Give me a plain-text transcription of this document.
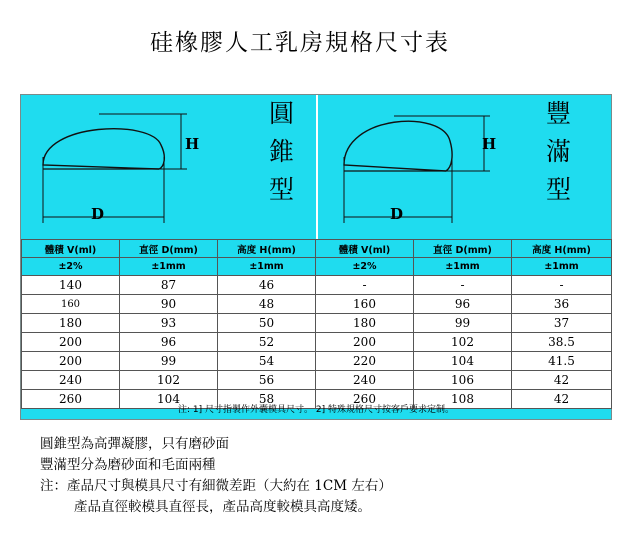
硅橡膠人工乳房規格尺寸表
H
D
圓
錐
型
H
D
豐
滿
型
體積 V(ml)	直徑 D(mm)	高度 H(mm)	體積 V(ml)	直徑 D(mm)	高度 H(mm)
±2%	±1mm	±1mm	±2%	±1mm	±1mm
140	87	46	-	-	-
160	90	48	160	96	36
180	93	50	180	99	37
200	96	52	200	102	38.5
200	99	54	220	104	41.5
240	102	56	240	106	42
260	104	58	260	108	42
注: 1] 尺寸指製作外囊模具尺寸。 2] 特殊規格尺寸按客戶要求定制。
圓錐型為高彈凝膠，只有磨砂面
豐滿型分為磨砂面和毛面兩種
注：產品尺寸與模具尺寸有細微差距（大約在 1CM 左右）
產品直徑較模具直徑長，產品高度較模具高度矮。
